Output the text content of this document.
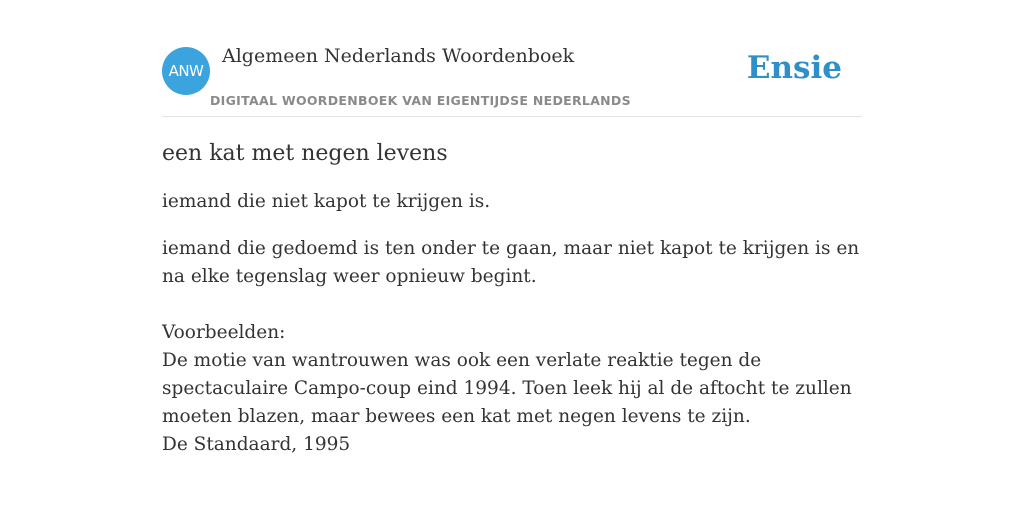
ANW
Algemeen Nederlands Woordenboek
DIGITAAL WOORDENBOEK VAN EIGENTIJDSE NEDERLANDS
Ensie
een kat met negen levens

iemand die niet kapot te krijgen is.

iemand die gedoemd is ten onder te gaan, maar niet kapot te krijgen is en na elke tegenslag weer opnieuw begint.

Voorbeelden:
De motie van wantrouwen was ook een verlate reaktie tegen de spectaculaire Campo-coup eind 1994. Toen leek hij al de aftocht te zullen moeten blazen, maar bewees een kat met negen levens te zijn.
De Standaard, 1995
